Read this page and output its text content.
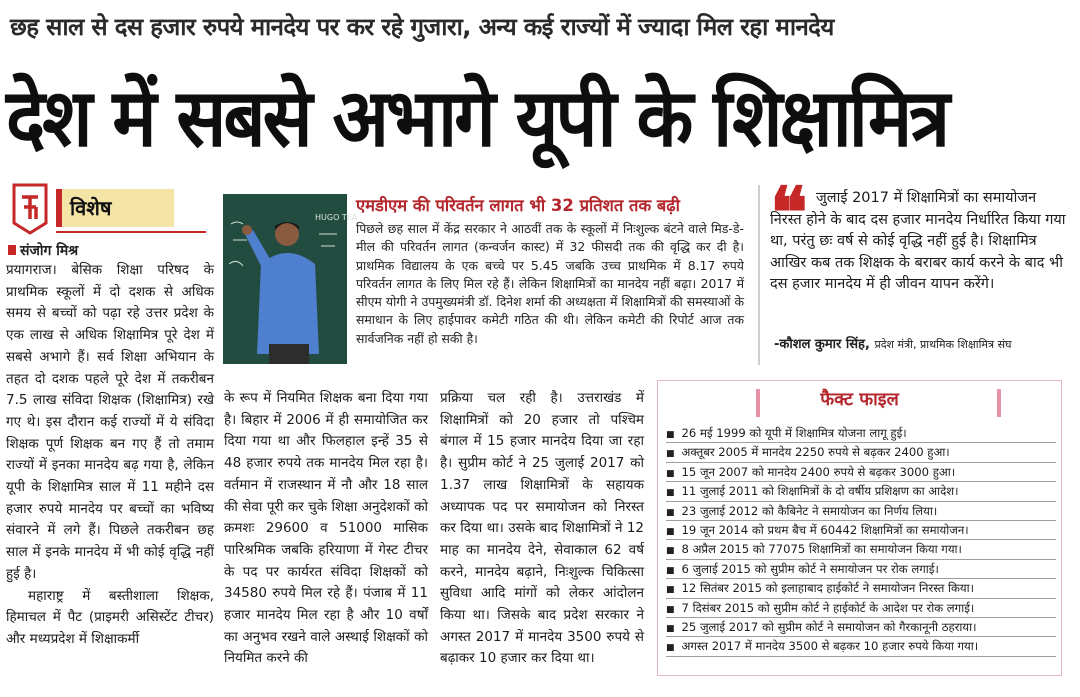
छह साल से दस हजार रुपये मानदेय पर कर रहे गुजारा, अन्य कई राज्यों में ज्यादा मिल रहा मानदेय
देश में सबसे अभागे यूपी के शिक्षामित्र
विशेष
संजोग मिश्र

प्रयागराज। बेसिक शिक्षा परिषद के प्राथमिक स्कूलों में दो दशक से अधिक समय से बच्चों को पढ़ा रहे उत्तर प्रदेश के एक लाख से अधिक शिक्षामित्र पूरे देश में सबसे अभागे हैं। सर्व शिक्षा अभियान के तहत दो दशक पहले पूरे देश में तकरीबन 7.5 लाख संविदा शिक्षक (शिक्षामित्र) रखे गए थे। इस दौरान कई राज्यों में ये संविदा शिक्षक पूर्ण शिक्षक बन गए हैं तो तमाम राज्यों में इनका मानदेय बढ़ गया है, लेकिन यूपी के शिक्षामित्र साल में 11 महीने दस हजार रुपये मानदेय पर बच्चों का भविष्य संवारने में लगे हैं। पिछले तकरीबन छह साल में इनके मानदेय में भी कोई वृद्धि नहीं हुई है।

महाराष्ट्र में बस्तीशाला शिक्षक, हिमाचल में पैट (प्राइमरी असिस्टेंट टीचर) और मध्यप्रदेश में शिक्षाकर्मी

के रूप में नियमित शिक्षक बना दिया गया है। बिहार में 2006 में ही समायोजित कर दिया गया था और फिलहाल इन्हें 35 से 48 हजार रुपये तक मानदेय मिल रहा है। वर्तमान में राजस्थान में नौ और 18 साल की सेवा पूरी कर चुके शिक्षा अनुदेशकों को क्रमशः 29600 व 51000 मासिक पारिश्रमिक जबकि हरियाणा में गेस्ट टीचर के पद पर कार्यरत संविदा शिक्षकों को 34580 रुपये मिल रहे हैं। पंजाब में 11 हजार मानदेय मिल रहा है और 10 वर्षों का अनुभव रखने वाले अस्थाई शिक्षकों को नियमित करने की

प्रक्रिया चल रही है। उत्तराखंड में शिक्षामित्रों को 20 हजार तो पश्चिम बंगाल में 15 हजार मानदेय दिया जा रहा है। सुप्रीम कोर्ट ने 25 जुलाई 2017 को 1.37 लाख शिक्षामित्रों के सहायक अध्यापक पद पर समायोजन को निरस्त कर दिया था। उसके बाद शिक्षामित्रों ने 12 माह का मानदेय देने, सेवाकाल 62 वर्ष करने, मानदेय बढ़ाने, निःशुल्क चिकित्सा सुविधा आदि मांगों को लेकर आंदोलन किया था। जिसके बाद प्रदेश सरकार ने अगस्त 2017 में मानदेय 3500 रुपये से बढ़ाकर 10 हजार कर दिया था।

HUGO TEA
एमडीएम की परिवर्तन लागत भी 32 प्रतिशत तक बढ़ी
पिछले छह साल में केंद्र सरकार ने आठवीं तक के स्कूलों में निःशुल्क बंटने वाले मिड-डे-मील की परिवर्तन लागत (कन्वर्जन कास्ट) में 32 फीसदी तक की वृद्धि कर दी है। प्राथमिक विद्यालय के एक बच्चे पर 5.45 जबकि उच्च प्राथमिक में 8.17 रुपये परिवर्तन लागत के लिए मिल रहे हैं। लेकिन शिक्षामित्रों का मानदेय नहीं बढ़ा। 2017 में सीएम योगी ने उपमुख्यमंत्री डॉ. दिनेश शर्मा की अध्यक्षता में शिक्षामित्रों की समस्याओं के समाधान के लिए हाईपावर कमेटी गठित की थी। लेकिन कमेटी की रिपोर्ट आज तक सार्वजनिक नहीं हो सकी है।
❝ जुलाई 2017 में शिक्षामित्रों का समायोजन निरस्त होने के बाद दस हजार मानदेय निर्धारित किया गया था, परंतु छः वर्ष से कोई वृद्धि नहीं हुई है। शिक्षामित्र आखिर कब तक शिक्षक के बराबर कार्य करने के बाद भी दस हजार मानदेय में ही जीवन यापन करेंगे।
-कौशल कुमार सिंह, प्रदेश मंत्री, प्राथमिक शिक्षामित्र संघ
फैक्ट फाइल
■ 26 मई 1999 को यूपी में शिक्षामित्र योजना लागू हुई।
■ अक्तूबर 2005 में मानदेय 2250 रुपये से बढ़कर 2400 हुआ।
■ 15 जून 2007 को मानदेय 2400 रुपये से बढ़कर 3000 हुआ।
■ 11 जुलाई 2011 को शिक्षामित्रों के दो वर्षीय प्रशिक्षण का आदेश।
■ 23 जुलाई 2012 को कैबिनेट ने समायोजन का निर्णय लिया।
■ 19 जून 2014 को प्रथम बैच में 60442 शिक्षामित्रों का समायोजन।
■ 8 अप्रैल 2015 को 77075 शिक्षामित्रों का समायोजन किया गया।
■ 6 जुलाई 2015 को सुप्रीम कोर्ट ने समायोजन पर रोक लगाई।
■ 12 सितंबर 2015 को इलाहाबाद हाईकोर्ट ने समायोजन निरस्त किया।
■ 7 दिसंबर 2015 को सुप्रीम कोर्ट ने हाईकोर्ट के आदेश पर रोक लगाई।
■ 25 जुलाई 2017 को सुप्रीम कोर्ट ने समायोजन को गैरकानूनी ठहराया।
■ अगस्त 2017 में मानदेय 3500 से बढ़कर 10 हजार रुपये किया गया।
